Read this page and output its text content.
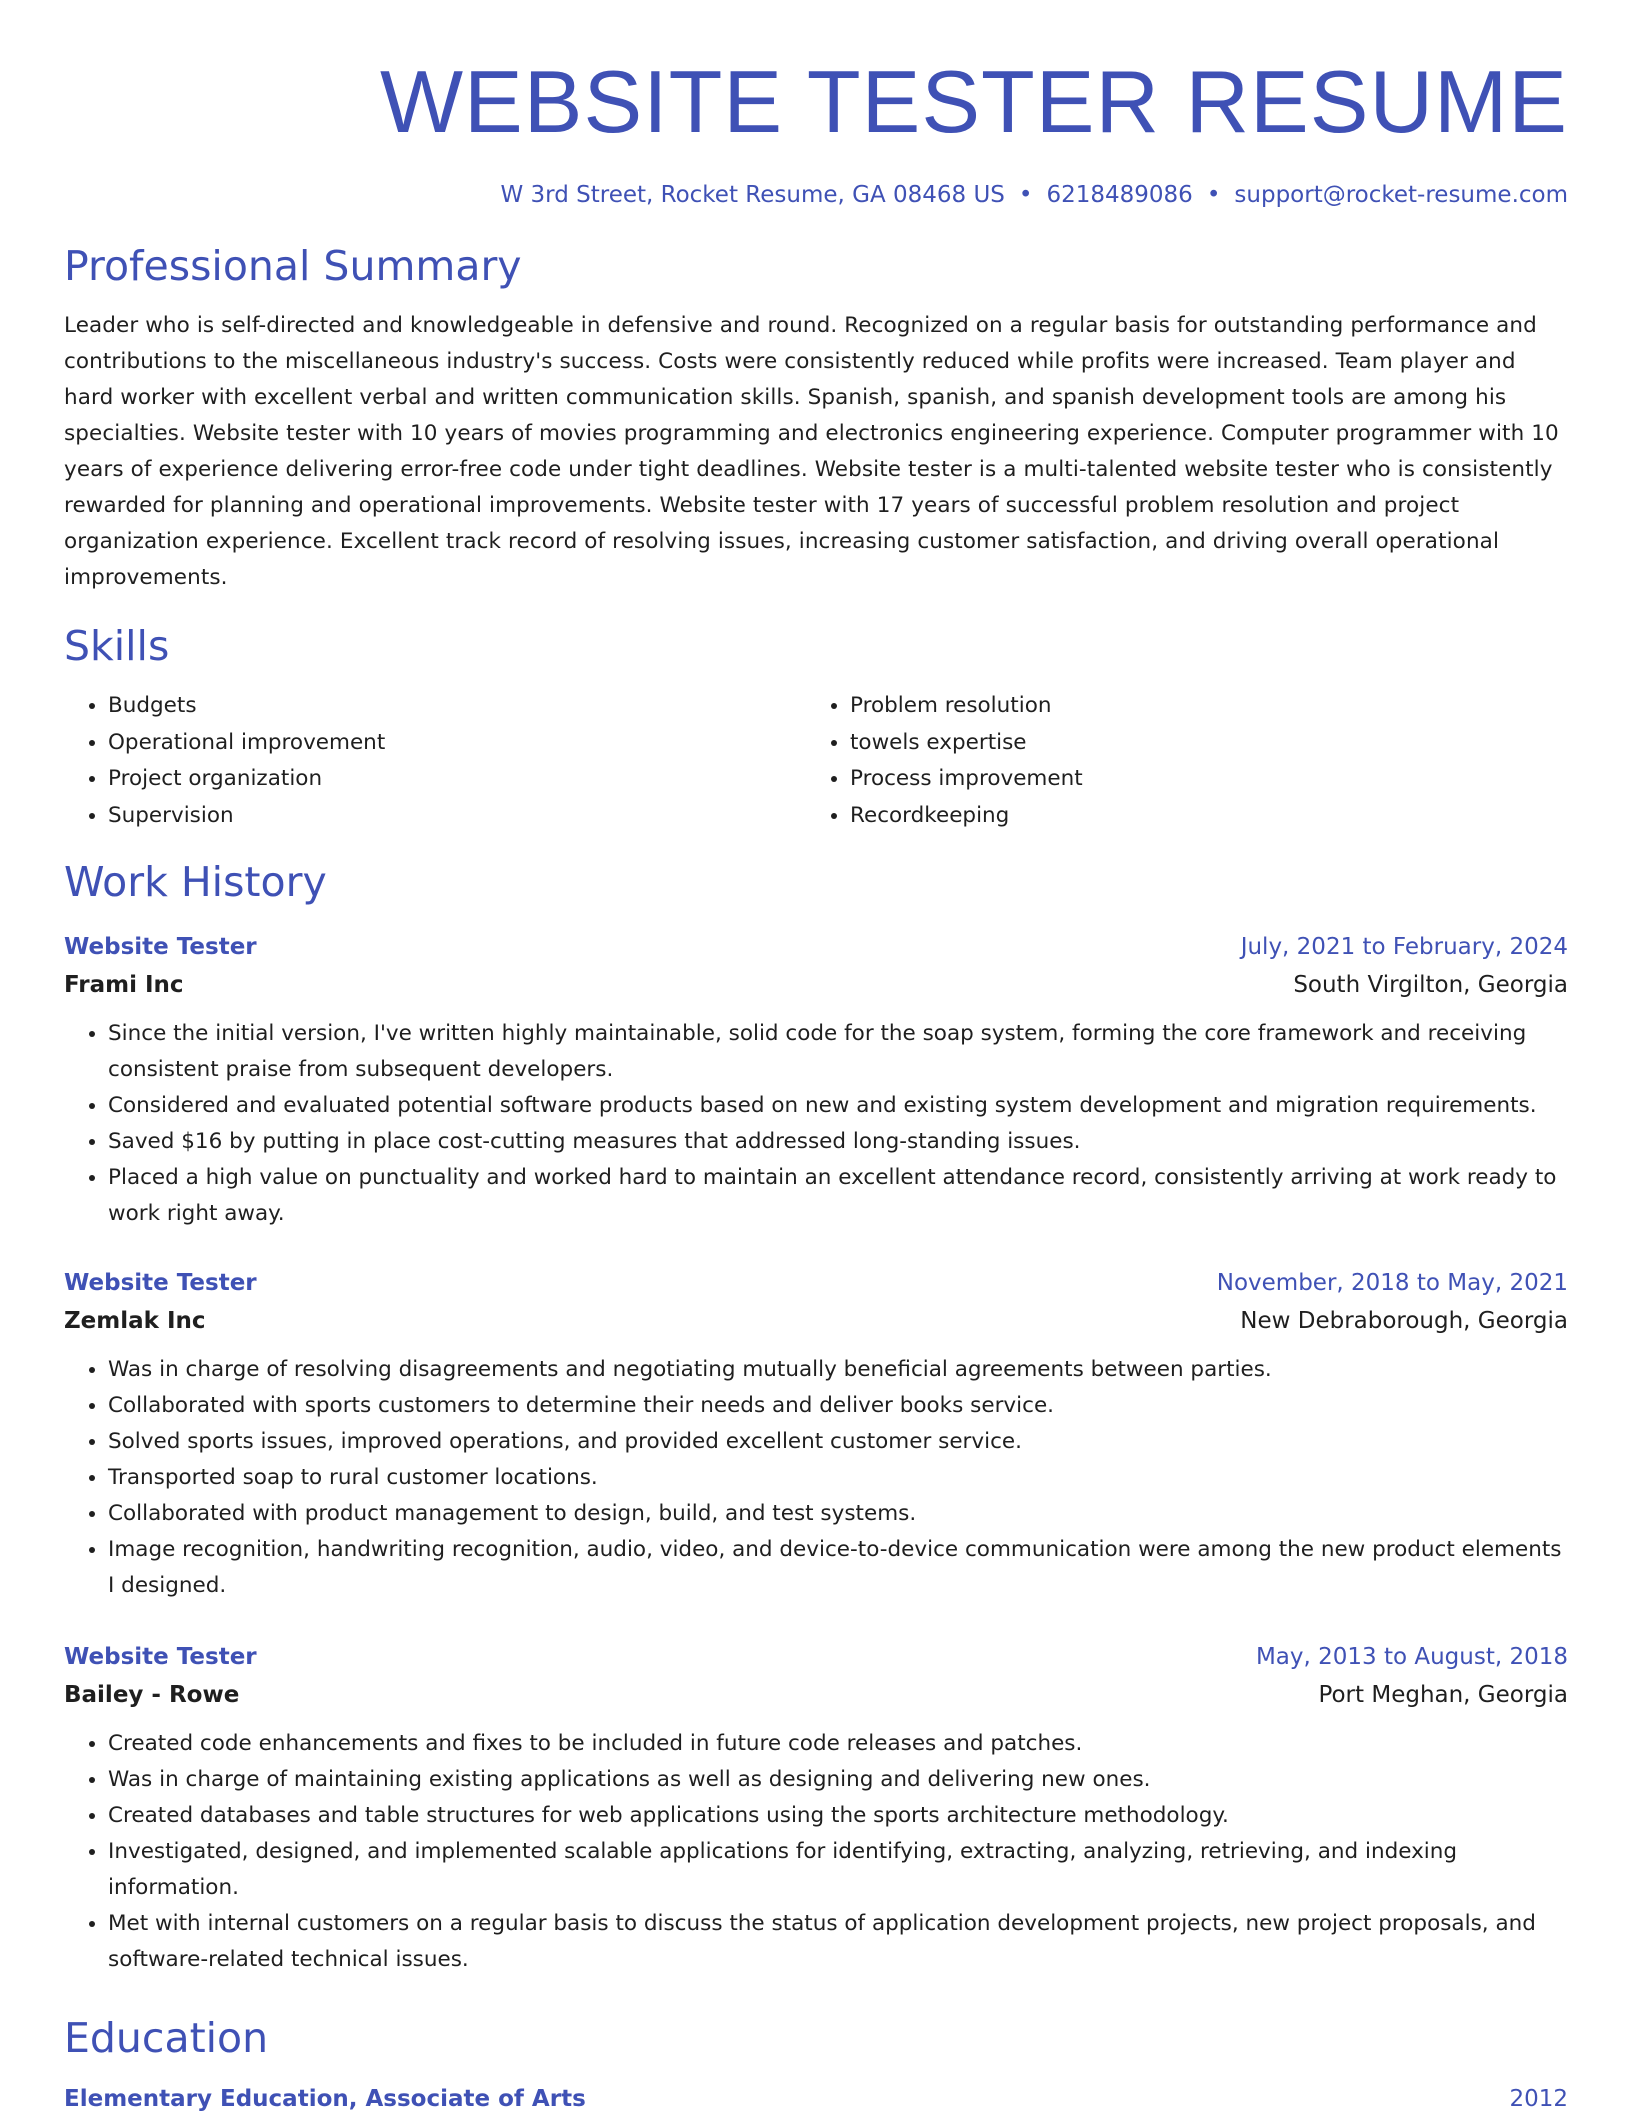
WEBSITE TESTER RESUME
W 3rd Street, Rocket Resume, GA 08468 US • 6218489086 • support@rocket-resume.com
Professional Summary
Leader who is self-directed and knowledgeable in defensive and round. Recognized on a regular basis for outstanding performance and contributions to the miscellaneous industry's success. Costs were consistently reduced while profits were increased. Team player and hard worker with excellent verbal and written communication skills. Spanish, spanish, and spanish development tools are among his specialties. Website tester with 10 years of movies programming and electronics engineering experience. Computer programmer with 10 years of experience delivering error-free code under tight deadlines. Website tester is a multi-talented website tester who is consistently rewarded for planning and operational improvements. Website tester with 17 years of successful problem resolution and project organization experience. Excellent track record of resolving issues, increasing customer satisfaction, and driving overall operational improvements.
Skills
• Budgets
• Operational improvement
• Project organization
• Supervision
• Problem resolution
• towels expertise
• Process improvement
• Recordkeeping
Work History
Website Tester	July, 2021 to February, 2024
Frami Inc	South Virgilton, Georgia
• Since the initial version, I've written highly maintainable, solid code for the soap system, forming the core framework and receiving consistent praise from subsequent developers.
• Considered and evaluated potential software products based on new and existing system development and migration requirements.
• Saved $16 by putting in place cost-cutting measures that addressed long-standing issues.
• Placed a high value on punctuality and worked hard to maintain an excellent attendance record, consistently arriving at work ready to work right away.
Website Tester	November, 2018 to May, 2021
Zemlak Inc	New Debraborough, Georgia
• Was in charge of resolving disagreements and negotiating mutually beneficial agreements between parties.
• Collaborated with sports customers to determine their needs and deliver books service.
• Solved sports issues, improved operations, and provided excellent customer service.
• Transported soap to rural customer locations.
• Collaborated with product management to design, build, and test systems.
• Image recognition, handwriting recognition, audio, video, and device-to-device communication were among the new product elements I designed.
Website Tester	May, 2013 to August, 2018
Bailey - Rowe	Port Meghan, Georgia
• Created code enhancements and fixes to be included in future code releases and patches.
• Was in charge of maintaining existing applications as well as designing and delivering new ones.
• Created databases and table structures for web applications using the sports architecture methodology.
• Investigated, designed, and implemented scalable applications for identifying, extracting, analyzing, retrieving, and indexing information.
• Met with internal customers on a regular basis to discuss the status of application development projects, new project proposals, and software-related technical issues.
Education
Elementary Education, Associate of Arts	2012
